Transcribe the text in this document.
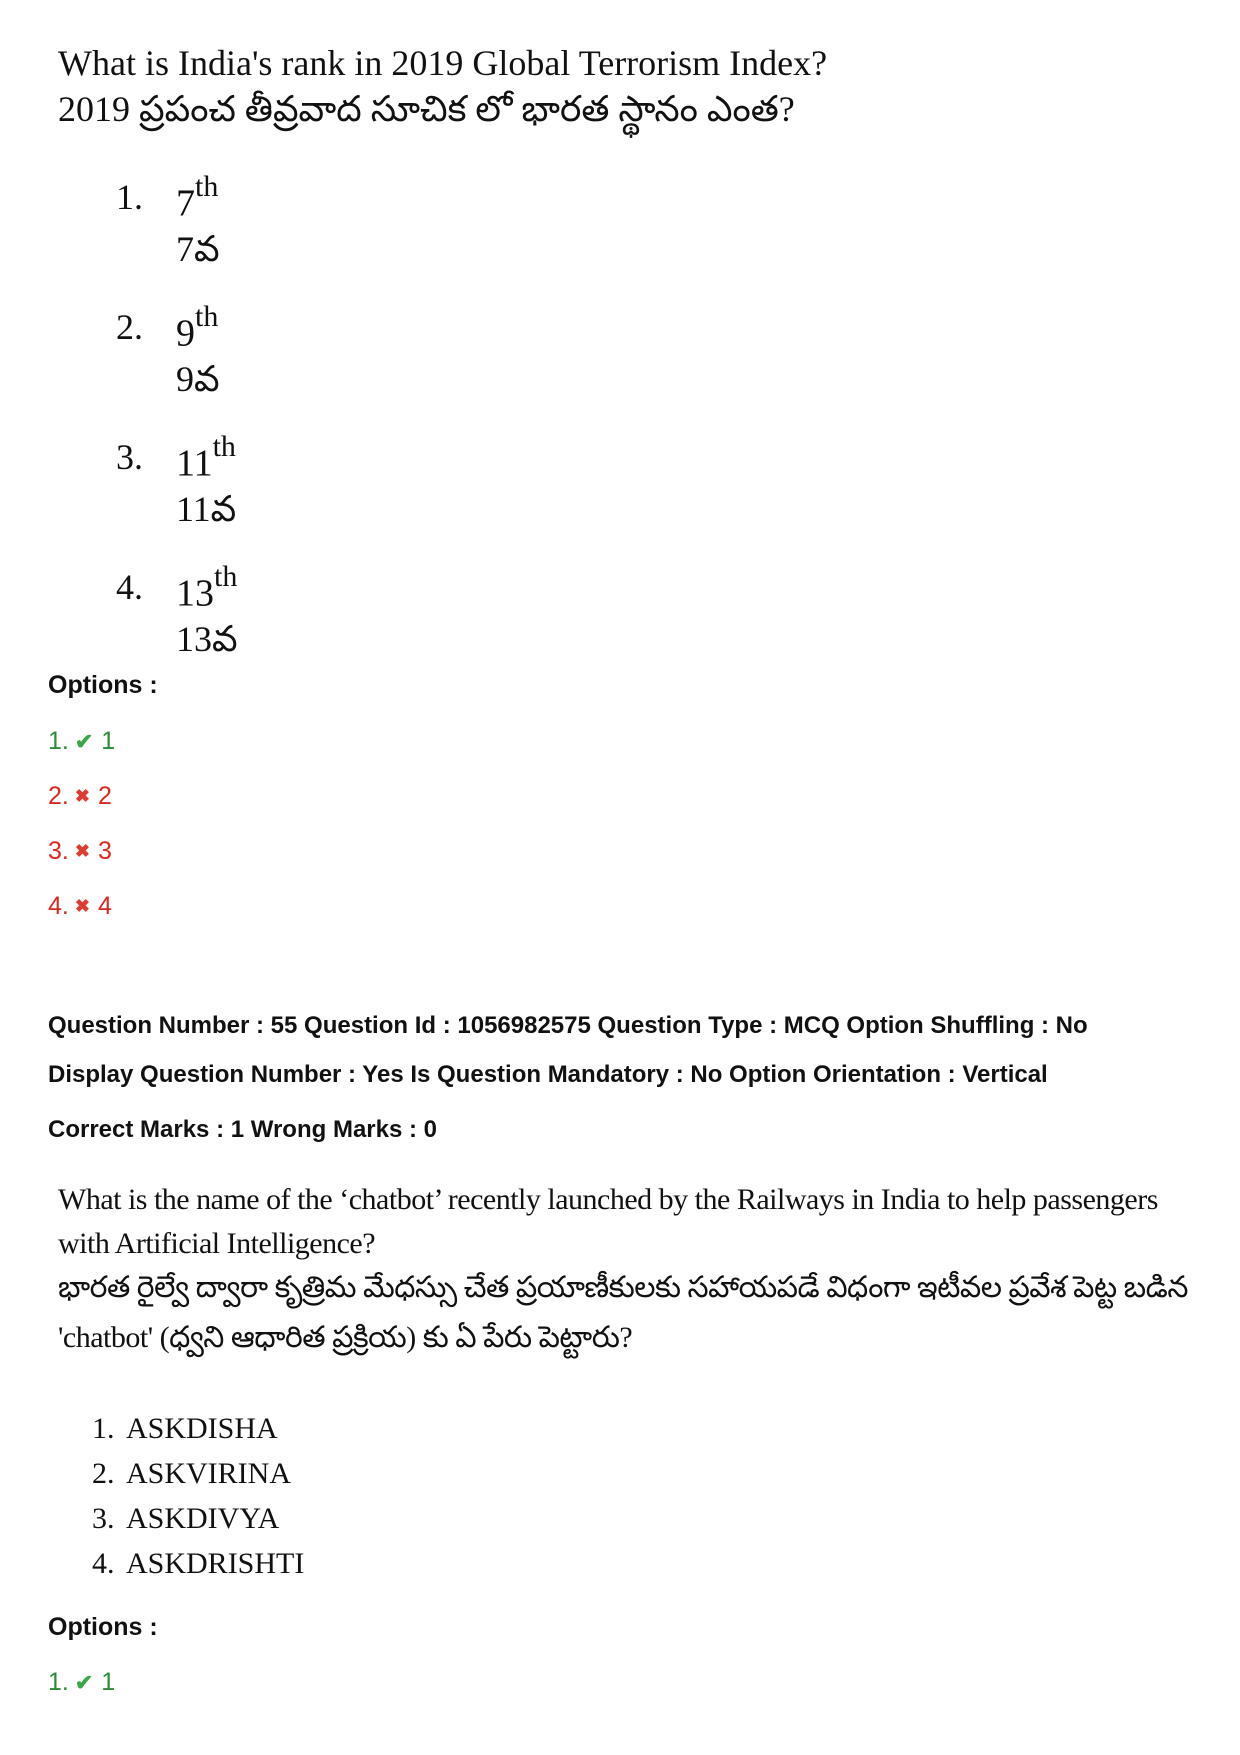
What is India's rank in 2019 Global Terrorism Index?
2019 ప్రపంచ తీవ్రవాద సూచిక లో భారత స్థానం ఎంత?
1. 7th
7వ
2. 9th
9వ
3. 11th
11వ
4. 13th
13వ
Options :
1. ✔ 1
2. ✖ 2
3. ✖ 3
4. ✖ 4
Question Number : 55 Question Id : 1056982575 Question Type : MCQ Option Shuffling : No
Display Question Number : Yes Is Question Mandatory : No Option Orientation : Vertical
Correct Marks : 1 Wrong Marks : 0
What is the name of the ‘chatbot’ recently launched by the Railways in India to help passengers
with Artificial Intelligence?
భారత రైల్వే ద్వారా కృత్రిమ మేధస్సు చేత ప్రయాణీకులకు సహాయపడే విధంగా ఇటీవల ప్రవేశ పెట్ట బడిన
'chatbot' (ధ్వని ఆధారిత ప్రక్రియ) కు ఏ పేరు పెట్టారు?
1. ASKDISHA
2. ASKVIRINA
3. ASKDIVYA
4. ASKDRISHTI
Options :
1. ✔ 1
